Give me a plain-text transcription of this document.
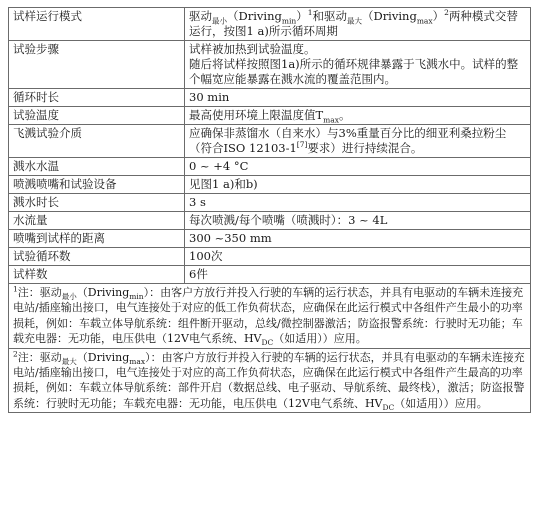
试样运行模式	驱动$_{最小}$（Driving$_{min}$）$^1$和驱动$_{最大}$（Driving$_{max}$）$^2$两种模式交替运行，按图1 a)所示循环周期
试验步骤	试样被加热到试验温度。
随后将试样按照图1a)所示的循环规律暴露于飞溅水中。试样的整个幅宽应能暴露在溅水流的覆盖范围内。

循环时长	30 min
试验温度	最高使用环境上限温度值$T_{max}$。
飞溅试验介质	应确保非蒸馏水（自来水）与3%重量百分比的细亚利桑拉粉尘（符合ISO 12103-1[7]要求）进行持续混合。
溅水水温	0 ~ +4 °C
喷溅喷嘴和试验设备	见图1 a)和b)
溅水时长	3 s
水流量	每次喷溅/每个喷嘴（喷溅时）：3 ~ 4L
喷嘴到试样的距离	300 ~350 mm
试验循环数	100次
试样数	6件
$^1$注：驱动$_{最小}$（Driving$_{min}$）：由客户方放行并投入行驶的车辆的运行状态，并具有电驱动的车辆未连接充电站/插座输出接口，电气连接处于对应的低工作负荷状态，应确保在此运行模式中各组件产生最小的功率损耗，例如：车载立体导航系统：组件断开驱动，总线/微控制器激活；防盗报警系统：行驶时无功能；车载充电器：无功能，电压供电（12V电气系统、$HV_{DC}$（如适用））应用。	
$^2$注：驱动$_{最大}$（Driving$_{max}$）：由客户方放行并投入行驶的车辆的运行状态，并具有电驱动的车辆未连接充电站/插座输出接口，电气连接处于对应的高工作负荷状态，应确保在此运行模式中各组件产生最高的功率损耗，例如：车载立体导航系统：部件开启（数据总线、电子驱动、导航系统、最终栈），激活；防盗报警系统：行驶时无功能；车载充电器：无功能，电压供电（12V电气系统、$HV_{DC}$（如适用））应用。	
